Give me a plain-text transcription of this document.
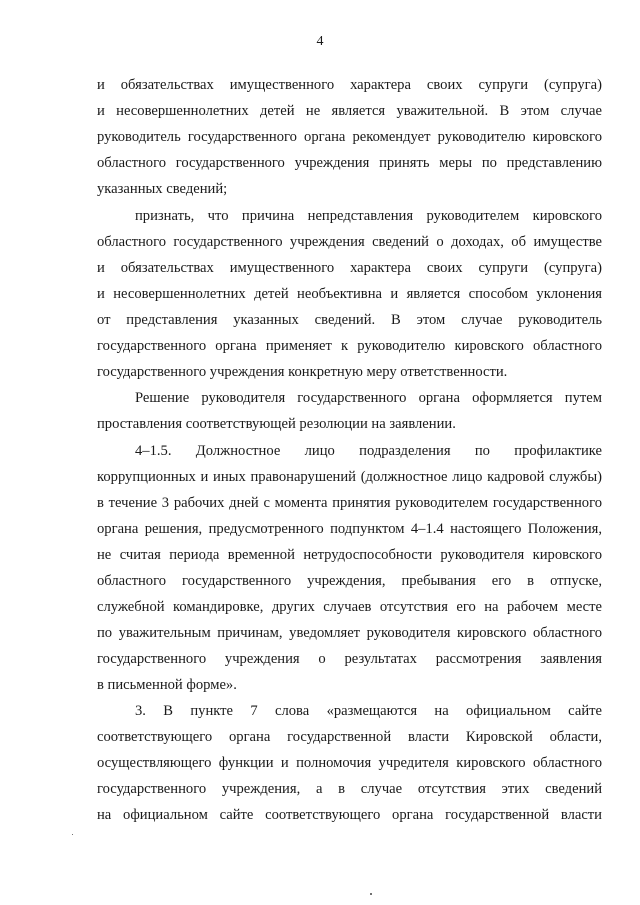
4
и обязательствах имущественного характера своих супруги (супруга)
и несовершеннолетних детей не является уважительной. В этом случае
руководитель государственного органа рекомендует руководителю кировского
областного государственного учреждения принять меры по представлению
указанных сведений;
признать, что причина непредставления руководителем кировского
областного государственного учреждения сведений о доходах, об имуществе
и обязательствах имущественного характера своих супруги (супруга)
и несовершеннолетних детей необъективна и является способом уклонения
от представления указанных сведений. В этом случае руководитель
государственного органа применяет к руководителю кировского областного
государственного учреждения конкретную меру ответственности.
Решение руководителя государственного органа оформляется путем
проставления соответствующей резолюции на заявлении.
4–1.5. Должностное лицо подразделения по профилактике
коррупционных и иных правонарушений (должностное лицо кадровой службы)
в течение 3 рабочих дней с момента принятия руководителем государственного
органа решения, предусмотренного подпунктом 4–1.4 настоящего Положения,
не считая периода временной нетрудоспособности руководителя кировского
областного государственного учреждения, пребывания его в отпуске,
служебной командировке, других случаев отсутствия его на рабочем месте
по уважительным причинам, уведомляет руководителя кировского областного
государственного учреждения о результатах рассмотрения заявления
в письменной форме».
3. В пункте 7 слова «размещаются на официальном сайте
соответствующего органа государственной власти Кировской области,
осуществляющего функции и полномочия учредителя кировского областного
государственного учреждения, а в случае отсутствия этих сведений
на официальном сайте соответствующего органа государственной власти
